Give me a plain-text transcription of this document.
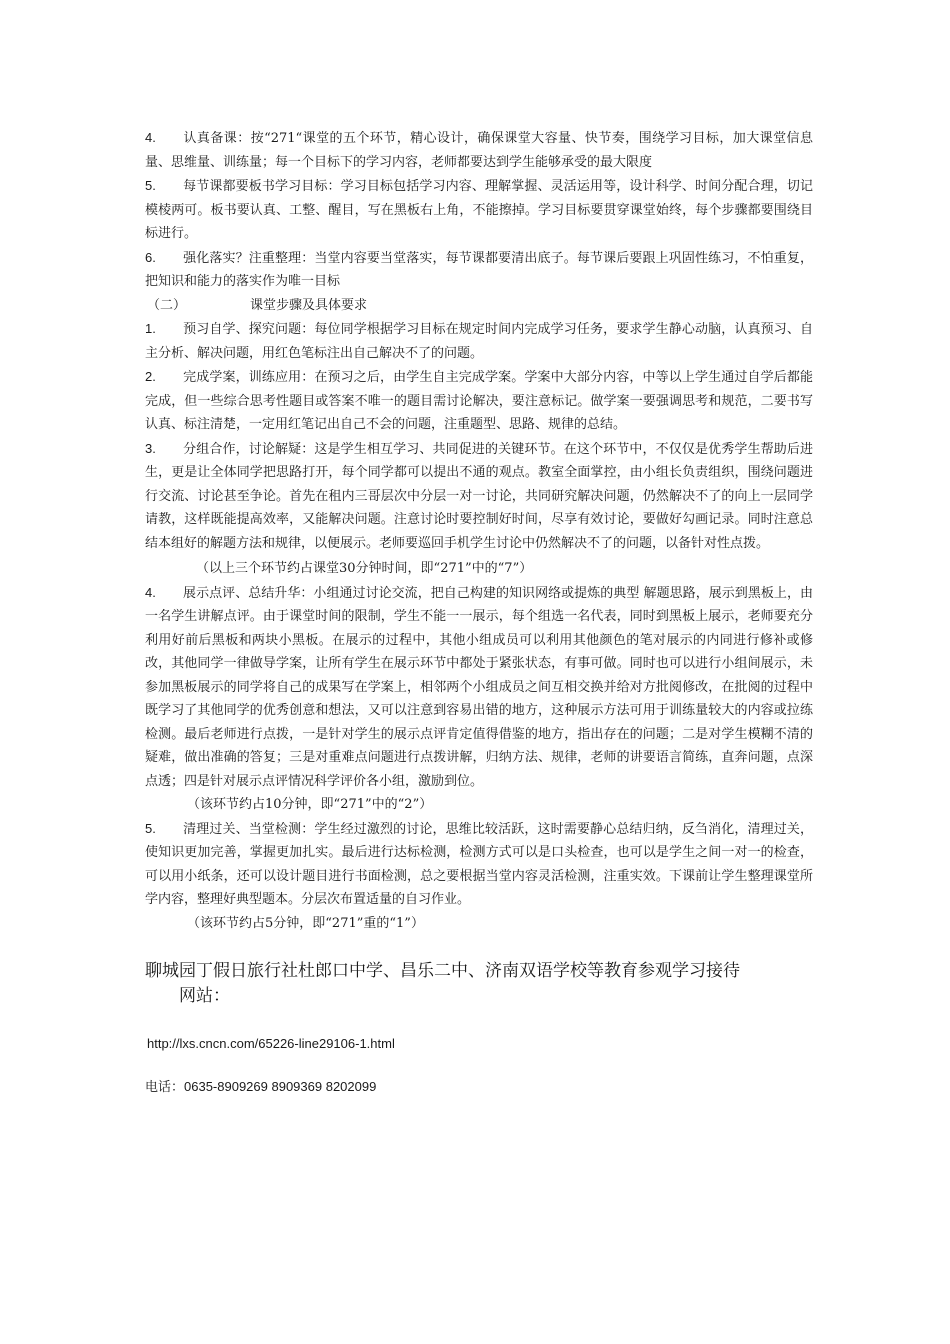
4. 认真备课：按“271“课堂的五个环节，精心设计，确保课堂大容量、快节奏，围绕学习目标，加大课堂信息量、思维量、训练量；每一个目标下的学习内容，老师都要达到学生能够承受的最大限度

5. 每节课都要板书学习目标：学习目标包括学习内容、理解掌握、灵活运用等，设计科学、时间分配合理，切记模棱两可。板书要认真、工整、醒目，写在黑板右上角，不能擦掉。学习目标要贯穿课堂始终，每个步骤都要围绕目标进行。

6. 强化落实？注重整理：当堂内容要当堂落实，每节课都要清出底子。每节课后要跟上巩固性练习，不怕重复，把知识和能力的落实作为唯一目标

（二）	课堂步骤及具体要求

1. 预习自学、探究问题：每位同学根据学习目标在规定时间内完成学习任务，要求学生静心动脑，认真预习、自主分析、解决问题，用红色笔标注出自己解决不了的问题。

2. 完成学案，训练应用：在预习之后，由学生自主完成学案。学案中大部分内容，中等以上学生通过自学后都能完成，但一些综合思考性题目或答案不唯一的题目需讨论解决，要注意标记。做学案一要强调思考和规范，二要书写认真、标注清楚，一定用红笔记出自己不会的问题，注重题型、思路、规律的总结。

3. 分组合作，讨论解疑：这是学生相互学习、共同促进的关键环节。在这个环节中，不仅仅是优秀学生帮助后进生，更是让全体同学把思路打开，每个同学都可以提出不通的观点。教室全面掌控，由小组长负责组织，围绕问题进行交流、讨论甚至争论。首先在租内三哥层次中分层一对一讨论，共同研究解决问题，仍然解决不了的向上一层同学请教，这样既能提高效率，又能解决问题。注意讨论时要控制好时间，尽享有效讨论，要做好勾画记录。同时注意总结本组好的解题方法和规律，以便展示。老师要巡回手机学生讨论中仍然解决不了的问题，以备针对性点拨。

（以上三个环节约占课堂30分钟时间，即“271”中的“7”）

4. 展示点评、总结升华：小组通过讨论交流，把自己构建的知识网络或提炼的典型 解题思路，展示到黑板上，由一名学生讲解点评。由于课堂时间的限制，学生不能一一展示，每个组选一名代表，同时到黑板上展示，老师要充分利用好前后黑板和两块小黑板。在展示的过程中，其他小组成员可以利用其他颜色的笔对展示的内同进行修补或修改，其他同学一律做导学案，让所有学生在展示环节中都处于紧张状态，有事可做。同时也可以进行小组间展示，未参加黑板展示的同学将自己的成果写在学案上，相邻两个小组成员之间互相交换并给对方批阅修改，在批阅的过程中既学习了其他同学的优秀创意和想法，又可以注意到容易出错的地方，这种展示方法可用于训练量较大的内容或拉练检测。最后老师进行点拨，一是针对学生的展示点评肯定值得借鉴的地方，指出存在的问题；二是对学生模糊不清的疑难，做出准确的答复；三是对重难点问题进行点拨讲解，归纳方法、规律，老师的讲要语言简练，直奔问题，点深点透；四是针对展示点评情况科学评价各小组，激励到位。

（该环节约占10分钟，即“271”中的“2”）

5. 清理过关、当堂检测：学生经过激烈的讨论，思维比较活跃，这时需要静心总结归纳，反刍消化，清理过关，使知识更加完善，掌握更加扎实。最后进行达标检测，检测方式可以是口头检查，也可以是学生之间一对一的检查，可以用小纸条，还可以设计题目进行书面检测，总之要根据当堂内容灵活检测，注重实效。下课前让学生整理课堂所学内容，整理好典型题本。分层次布置适量的自习作业。

（该环节约占5分钟，即“271”重的“1”）

聊城园丁假日旅行社杜郎口中学、昌乐二中、济南双语学校等教育参观学习接待
网站：

http://lxs.cncn.com/65226-line29106-1.html

电话：0635-8909269 8909369 8202099
